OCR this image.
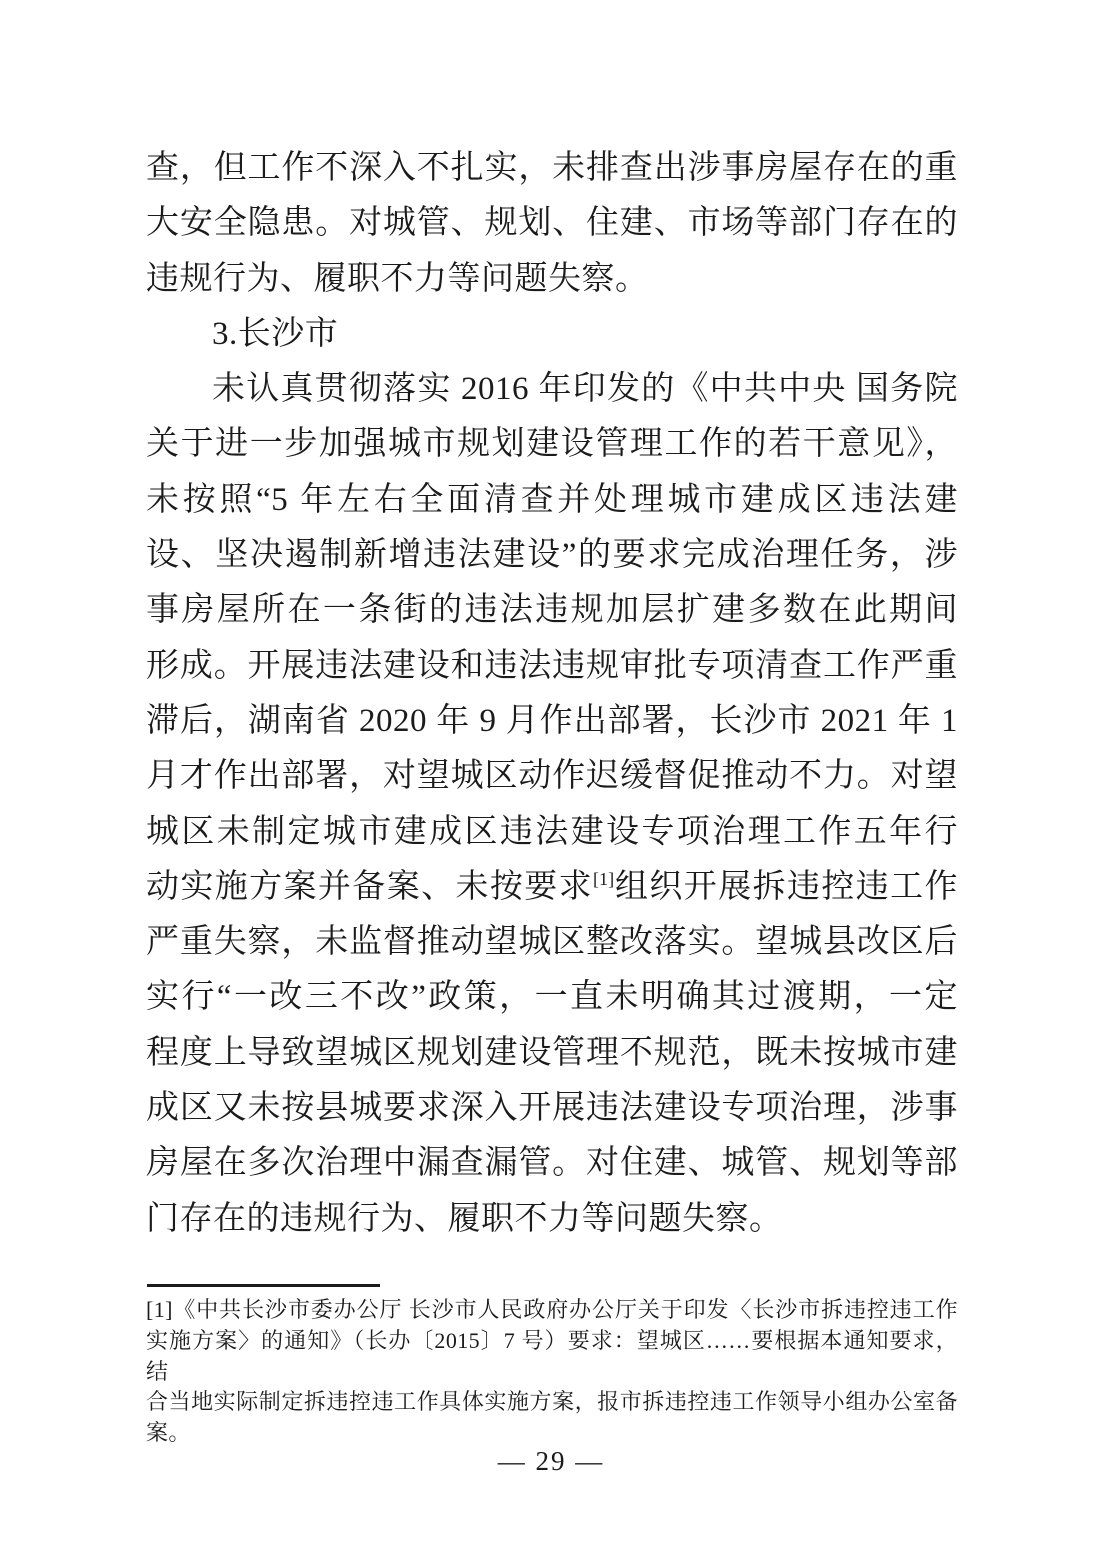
查，但工作不深入不扎实，未排查出涉事房屋存在的重
大安全隐患。对城管、规划、住建、市场等部门存在的
违规行为、履职不力等问题失察。
3.长沙市
未认真贯彻落实 2016 年印发的《中共中央 国务院
关于进一步加强城市规划建设管理工作的若干意见》，
未按照“5 年左右全面清查并处理城市建成区违法建
设、坚决遏制新增违法建设”的要求完成治理任务，涉
事房屋所在一条街的违法违规加层扩建多数在此期间
形成。开展违法建设和违法违规审批专项清查工作严重
滞后，湖南省 2020 年 9 月作出部署，长沙市 2021 年 1
月才作出部署，对望城区动作迟缓督促推动不力。对望
城区未制定城市建成区违法建设专项治理工作五年行
动实施方案并备案、未按要求[1]组织开展拆违控违工作
严重失察，未监督推动望城区整改落实。望城县改区后
实行“一改三不改”政策，一直未明确其过渡期，一定
程度上导致望城区规划建设管理不规范，既未按城市建
成区又未按县城要求深入开展违法建设专项治理，涉事
房屋在多次治理中漏查漏管。对住建、城管、规划等部
门存在的违规行为、履职不力等问题失察。
[1]《中共长沙市委办公厅 长沙市人民政府办公厅关于印发〈长沙市拆违控违工作
实施方案〉的通知》（长办〔2015〕7 号）要求：望城区……要根据本通知要求，结
合当地实际制定拆违控违工作具体实施方案，报市拆违控违工作领导小组办公室备
案。
— 29 —
